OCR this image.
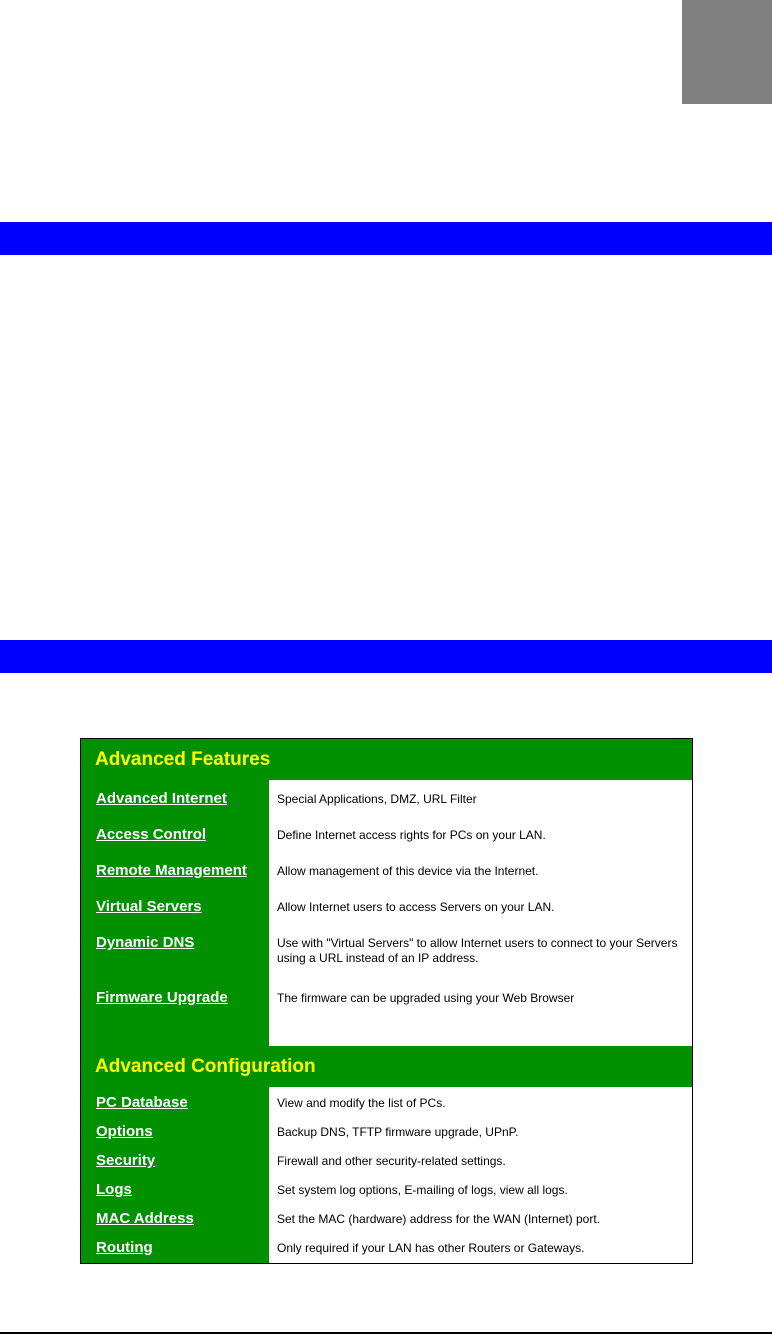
Advanced Features
Advanced Internet	Special Applications, DMZ, URL Filter
Access Control	Define Internet access rights for PCs on your LAN.
Remote Management	Allow management of this device via the Internet.
Virtual Servers	Allow Internet users to access Servers on your LAN.
Dynamic DNS	Use with "Virtual Servers" to allow Internet users to connect to your Servers using a URL instead of an IP address.
Firmware Upgrade	The firmware can be upgraded using your Web Browser
Advanced Configuration
PC Database	View and modify the list of PCs.
Options	Backup DNS, TFTP firmware upgrade, UPnP.
Security	Firewall and other security-related settings.
Logs	Set system log options, E-mailing of logs, view all logs.
MAC Address	Set the MAC (hardware) address for the WAN (Internet) port.
Routing	Only required if your LAN has other Routers or Gateways.
